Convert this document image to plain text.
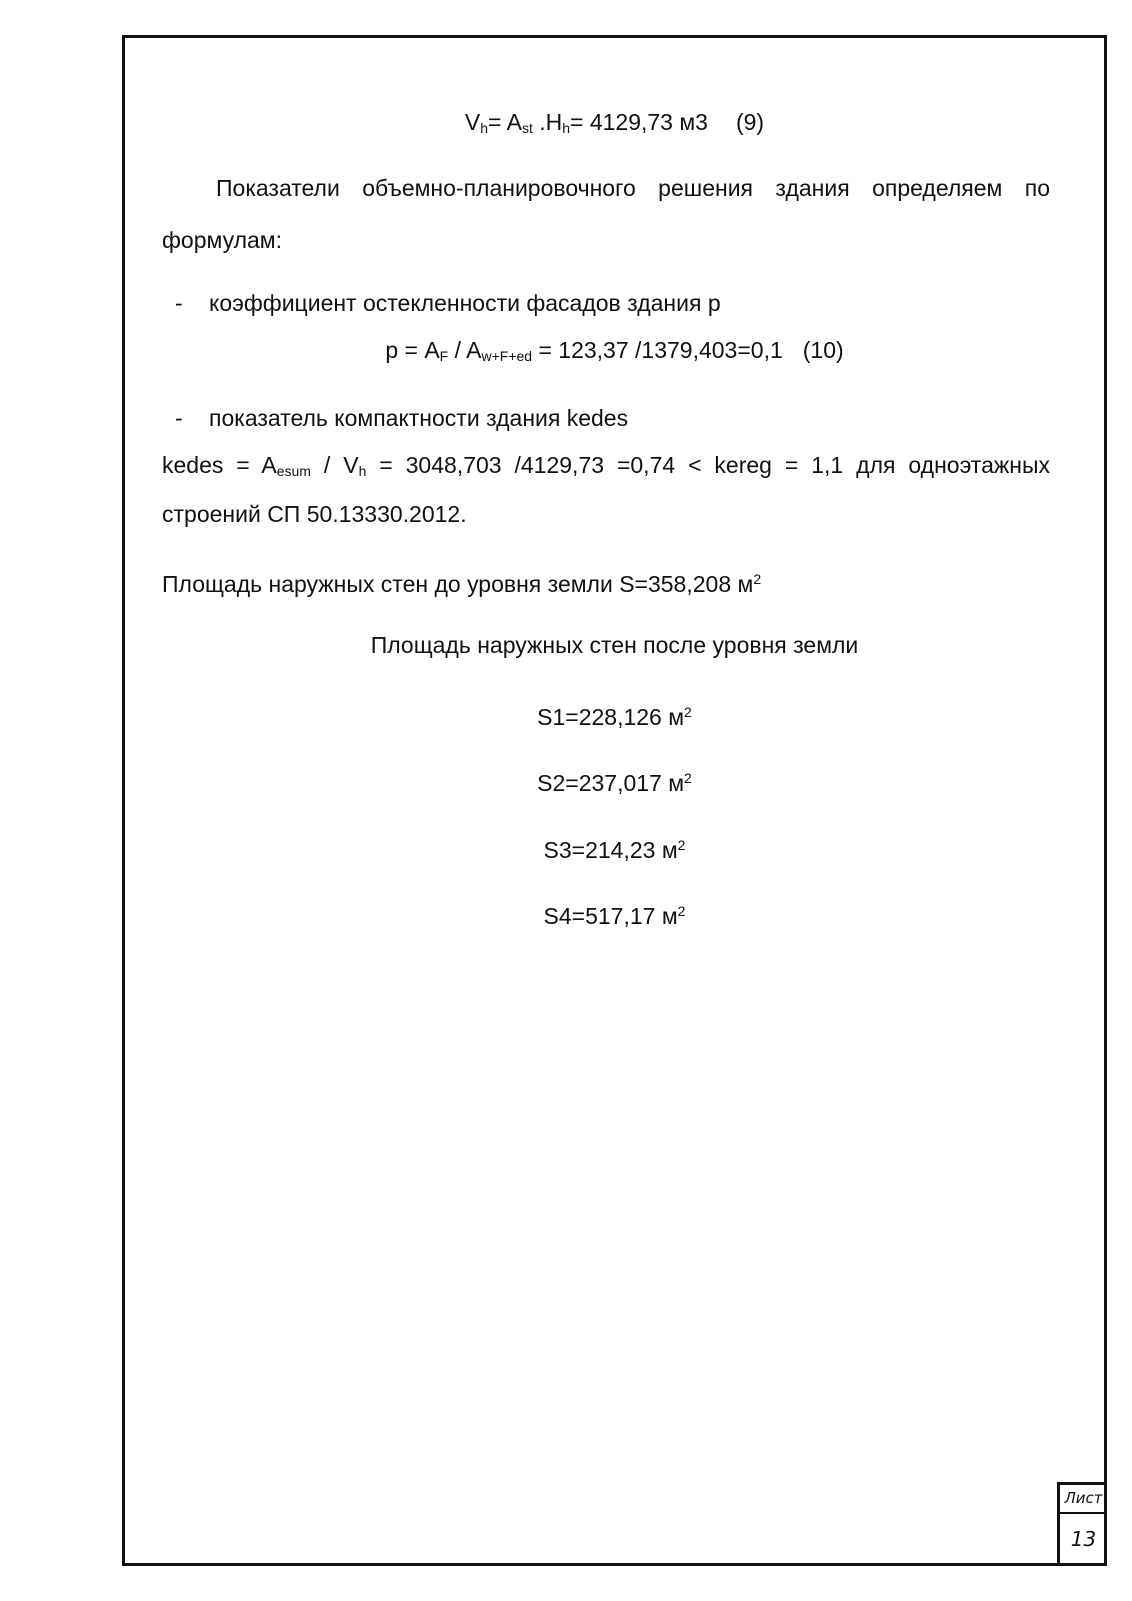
$V_h= A_{st}$ $.H_h= 4129,73$ м3 (9)
Показатели объемно-планировочного решения здания определяем по
формулам:
- коэффициент остекленности фасадов здания р
$р = A_F / A_{w+F+ed} = 123,37$ /1379,403=0,1 (10)
- показатель компактности здания kedes
kedes = $A_{esum} / V_h = 3048,703$ /4129,73 =0,74 < kereg = 1,1 для одноэтажных
строений СП 50.13330.2012.
Площадь наружных стен до уровня земли S=358,208 $м^2$
Площадь наружных стен после уровня земли
S1=228,126 $м^2$
S2=237,017 $м^2$
S3=214,23 $м^2$
S4=517,17 $м^2$
Лист
13
